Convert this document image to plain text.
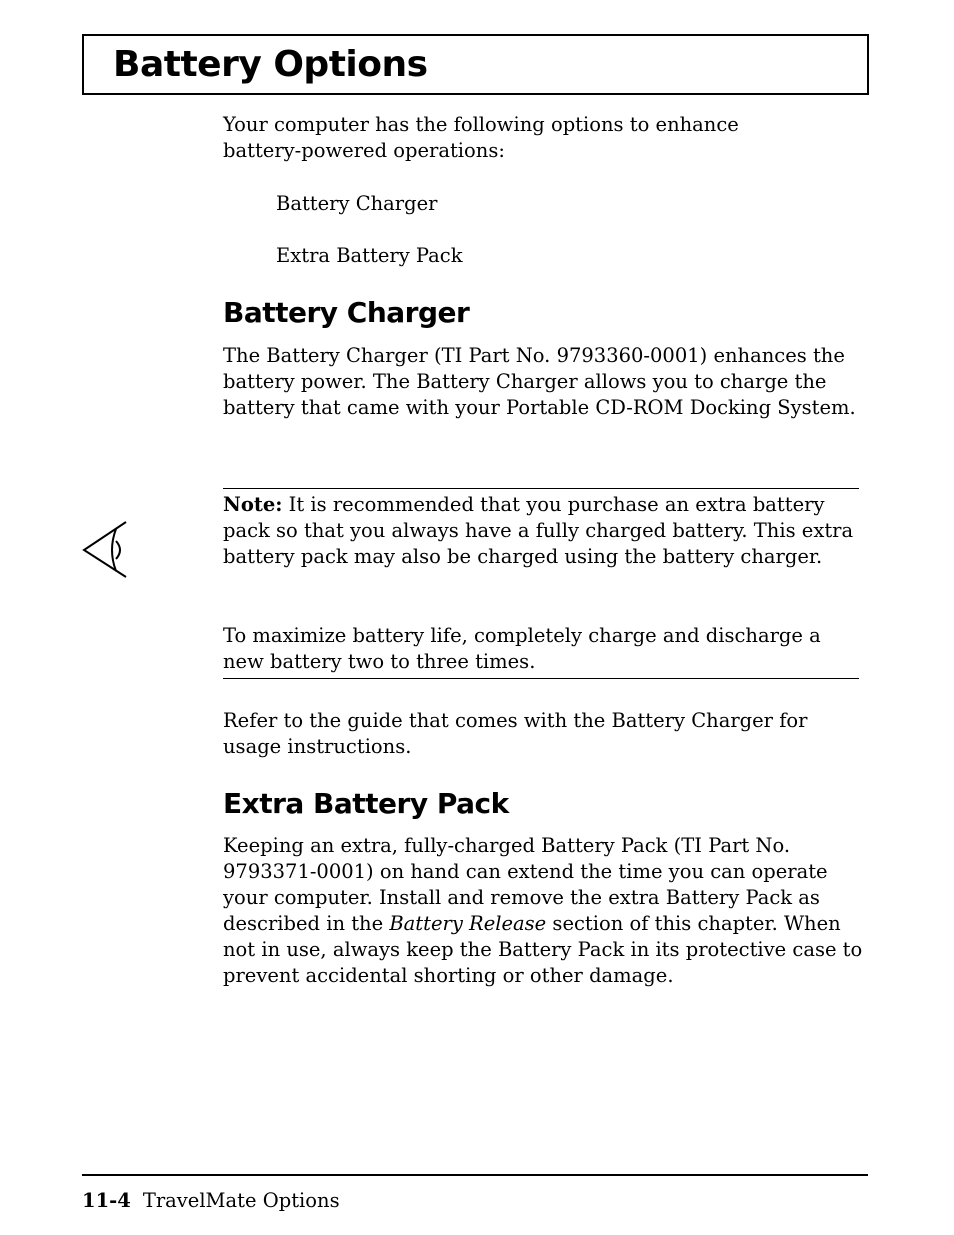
Battery Options

Your computer has the following options to enhance battery-powered operations:

Battery Charger

Extra Battery Pack

Battery Charger

The Battery Charger (TI Part No. 9793360-0001) enhances the battery power. The Battery Charger allows you to charge the battery that came with your Portable CD-ROM Docking System.

Note: It is recommended that you purchase an extra battery pack so that you always have a fully charged battery. This extra battery pack may also be charged using the battery charger.

To maximize battery life, completely charge and discharge a new battery two to three times.

Refer to the guide that comes with the Battery Charger for usage instructions.

Extra Battery Pack

Keeping an extra, fully-charged Battery Pack (TI Part No. 9793371-0001) on hand can extend the time you can operate your computer. Install and remove the extra Battery Pack as described in the Battery Release section of this chapter. When not in use, always keep the Battery Pack in its protective case to prevent accidental shorting or other damage.

11-4 TravelMate Options
